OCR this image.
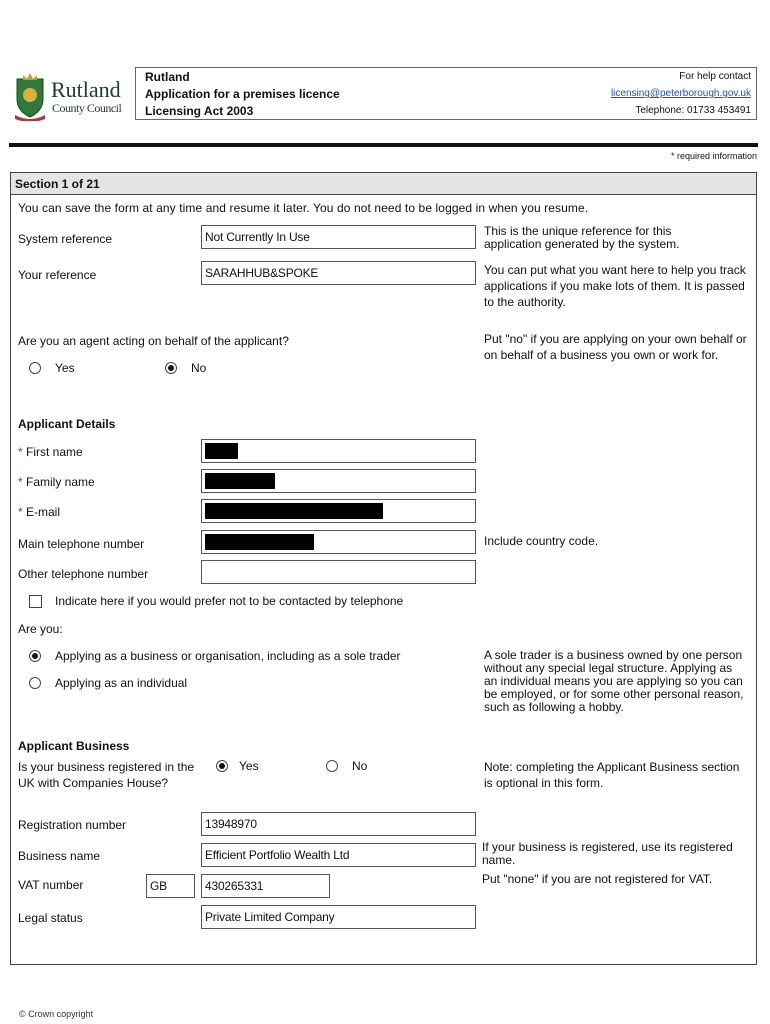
Rutland
County Council
Rutland
Application for a premises licence
Licensing Act 2003
For help contact
licensing@peterborough.gov.uk
Telephone: 01733 453491
* required information
Section 1 of 21
You can save the form at any time and resume it later. You do not need to be logged in when you resume.
System reference	Not Currently In Use	This is the unique reference for this application generated by the system.
Your reference	SARAHHUB&SPOKE	You can put what you want here to help you track applications if you make lots of them. It is passed to the authority.
Are you an agent acting on behalf of the applicant?
Yes	No
Put "no" if you are applying on your own behalf or on behalf of a business you own or work for.
Applicant Details
* First name
* Family name
* E-mail
Main telephone number	Include country code.
Other telephone number
Indicate here if you would prefer not to be contacted by telephone
Are you:
Applying as a business or organisation, including as a sole trader
Applying as an individual
A sole trader is a business owned by one person without any special legal structure. Applying as an individual means you are applying so you can be employed, or for some other personal reason, such as following a hobby.
Applicant Business
Is your business registered in the UK with Companies House?
Yes	No	Note: completing the Applicant Business section is optional in this form.
Registration number	13948970
Business name	Efficient Portfolio Wealth Ltd
If your business is registered, use its registered name.
VAT number	GB	430265331	Put "none" if you are not registered for VAT.
Legal status	Private Limited Company
© Crown copyright
